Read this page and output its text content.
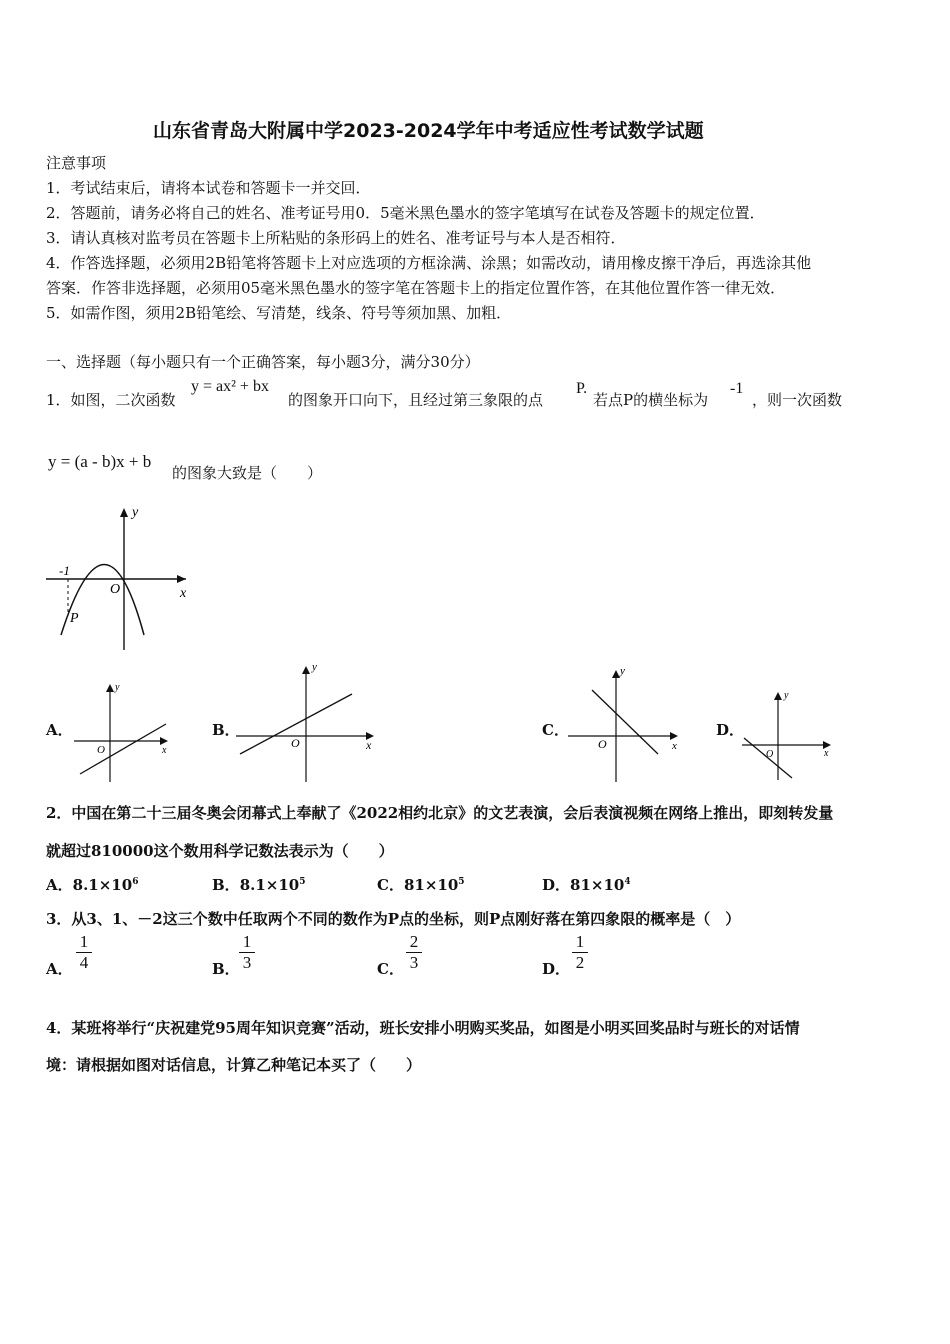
山东省青岛大附属中学2023-2024学年中考适应性考试数学试题
注意事项
1．考试结束后，请将本试卷和答题卡一并交回．
2．答题前，请务必将自己的姓名、准考证号用0．5毫米黑色墨水的签字笔填写在试卷及答题卡的规定位置．
3．请认真核对监考员在答题卡上所粘贴的条形码上的姓名、准考证号与本人是否相符．
4．作答选择题，必须用2B铅笔将答题卡上对应选项的方框涂满、涂黑；如需改动，请用橡皮擦干净后，再选涂其他
答案．作答非选择题，必须用05毫米黑色墨水的签字笔在答题卡上的指定位置作答，在其他位置作答一律无效．
5．如需作图，须用2B铅笔绘、写清楚，线条、符号等须加黑、加粗．
一、选择题（每小题只有一个正确答案，每小题3分，满分30分）
1．如图，二次函数
y = ax² + bx
的图象开口向下，且经过第三象限的点
P.
若点P的横坐标为
-1
，则一次函数
y = (a - b)x + b
的图象大致是（　　）
y
x
O
-1
P
A．
y
x
O
B．
y
x
O
C．
y
x
O
D．
y
x
O
2．中国在第二十三届冬奥会闭幕式上奉献了《2022相约北京》的文艺表演，会后表演视频在网络上推出，即刻转发量
就超过810000这个数用科学记数法表示为（　　）
A．$8.1\times 10^6$	B．$8.1\times 10^5$	C．$81\times 10^5$	D．$81\times 10^4$
3．从3、1、－2这三个数中任取两个不同的数作为P点的坐标，则P点刚好落在第四象限的概率是（　）
A．
1
4	B．
1
3	C．
2
3	D．
1
2
4．某班将举行“庆祝建党95周年知识竞赛”活动，班长安排小明购买奖品，如图是小明买回奖品时与班长的对话情
境：请根据如图对话信息，计算乙种笔记本买了（　　）
